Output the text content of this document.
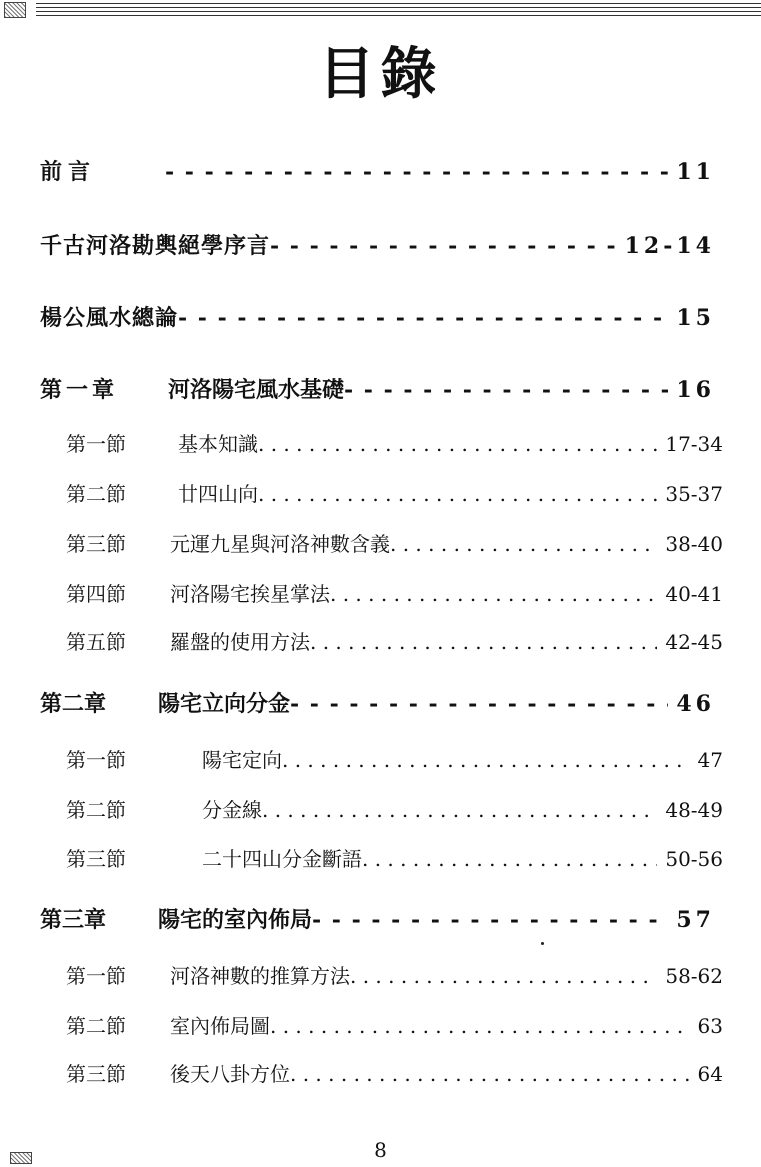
目錄
前言 - - -	11
千古河洛勘輿絕學序言 - - -	12-14
楊公風水總論 - - -	15
第一章	河洛陽宅風水基礎 - - -	16
第一節	基本知識 . . .	17-34
第二節	廿四山向 . . .	35-37
第三節	元運九星與河洛神數含義 . . .	38-40
第四節	河洛陽宅挨星掌法 . . .	40-41
第五節	羅盤的使用方法 . . .	42-45
第二章	陽宅立向分金 - - -	46
第一節	陽宅定向 . . .	47
第二節	分金線 . . .	48-49
第三節	二十四山分金斷語 . . .	50-56
第三章	陽宅的室內佈局 - - -	57
第一節	河洛神數的推算方法 . . .	58-62
第二節	室內佈局圖 . . .	63
第三節	後天八卦方位 . . .	64
8
